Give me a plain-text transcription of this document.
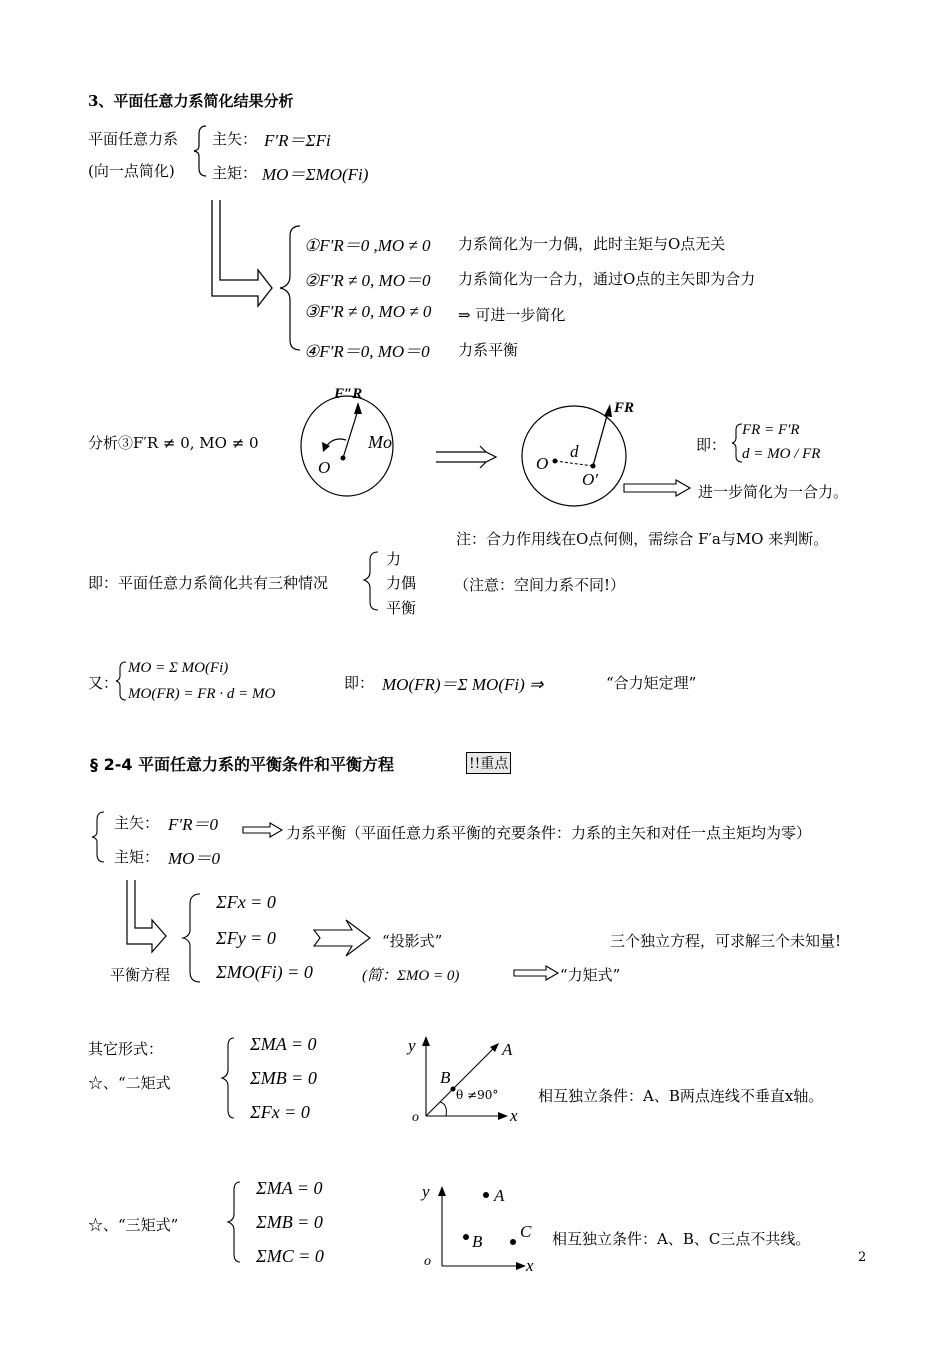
3、平面任意力系简化结果分析
平面任意力系
(向一点简化)
主矢： F′R＝ΣFi
主矩： MO＝ΣMO(Fi)
①F′R＝0 ,MO ≠ 0 力系简化为一力偶，此时主矩与O点无关
②F′R ≠ 0, MO＝0 力系简化为一合力，通过O点的主矢即为合力
③F′R ≠ 0, MO ≠ 0 ⇒ 可进一步简化
④F′R＝0, MO＝0 力系平衡
分析③F′R ≠ 0, MO ≠ 0
F″R
Mo
O
FR
d
O
O′
即：
FR = F′R
d = MO / FR
进一步简化为一合力。
注：合力作用线在O点何侧，需综合 F′a与MO 来判断。
即：平面任意力系简化共有三种情况
力
力偶
平衡
（注意：空间力系不同!）
又：
MO = Σ MO(Fi)
MO(FR) = FR · d = MO
即： MO(FR)＝Σ MO(Fi) ⇒	“合力矩定理”
§ 2-4 平面任意力系的平衡条件和平衡方程	!!重点
主矢： F′R＝0
主矩： MO＝0
力系平衡（平面任意力系平衡的充要条件：力系的主矢和对任一点主矩均为零）
ΣFx = 0
ΣFy = 0
ΣMO(Fi) = 0
平衡方程
“投影式”	三个独立方程，可求解三个未知量!
(简：ΣMO = 0)	“力矩式”
其它形式：
☆、“二矩式
ΣMA = 0
ΣMB = 0
ΣFx = 0
y	A
B
θ ≠90°
o	x
相互独立条件：A、B两点连线不垂直x轴。
☆、“三矩式”
ΣMA = 0
ΣMB = 0
ΣMC = 0
y	A
B
C
o	x
相互独立条件：A、B、C三点不共线。
2
